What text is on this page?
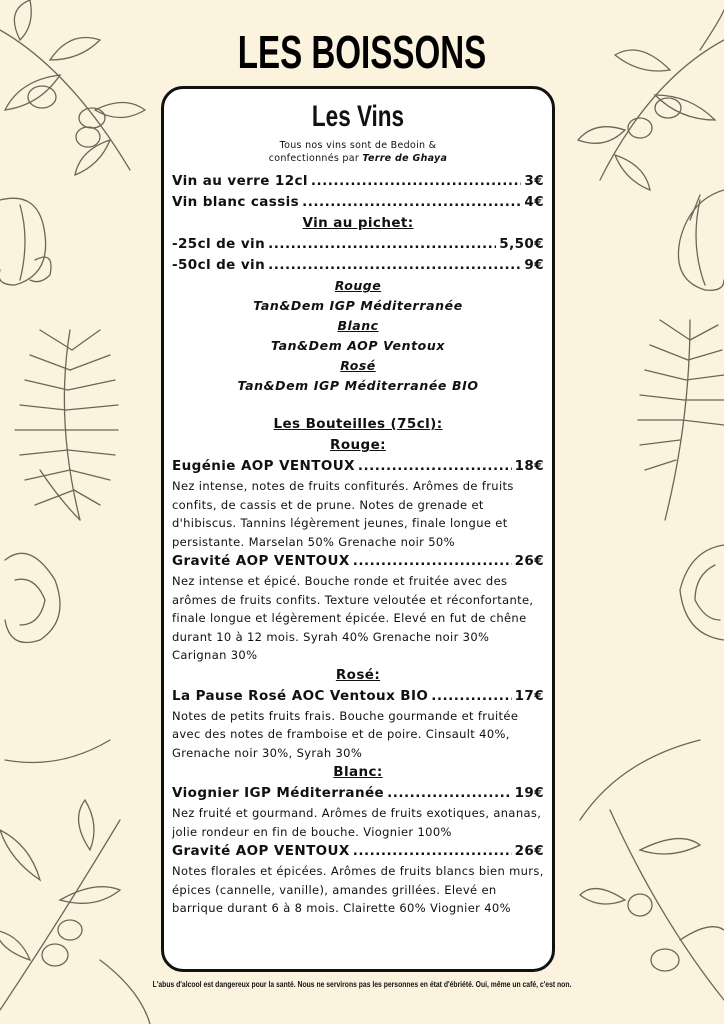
LES BOISSONS
Les Vins
Tous nos vins sont de Bedoin &
confectionnés par Terre de Ghaya
Vin au verre 12cl .....	3€
Vin blanc cassis .....	4€
Vin au pichet:
-25cl de vin .....	5,50€
-50cl de vin .....	9€
Rouge
Tan&Dem IGP Méditerranée
Blanc
Tan&Dem AOP Ventoux
Rosé
Tan&Dem IGP Méditerranée BIO
Les Bouteilles (75cl):
Rouge:
Eugénie AOP VENTOUX .....	18€
Nez intense, notes de fruits confiturés. Arômes de fruits confits, de cassis et de prune. Notes de grenade et d'hibiscus. Tannins légèrement jeunes, finale longue et persistante. Marselan 50% Grenache noir 50%
Gravité AOP VENTOUX .....	26€
Nez intense et épicé. Bouche ronde et fruitée avec des arômes de fruits confits. Texture veloutée et réconfortante, finale longue et légèrement épicée. Elevé en fut de chêne durant 10 à 12 mois. Syrah 40% Grenache noir 30% Carignan 30%
Rosé:
La Pause Rosé AOC Ventoux BIO .....	17€
Notes de petits fruits frais. Bouche gourmande et fruitée avec des notes de framboise et de poire. Cinsault 40%, Grenache noir 30%, Syrah 30%
Blanc:
Viognier IGP Méditerranée .....	19€
Nez fruité et gourmand. Arômes de fruits exotiques, ananas, jolie rondeur en fin de bouche. Viognier 100%
Gravité AOP VENTOUX .....	26€
Notes florales et épicées. Arômes de fruits blancs bien murs, épices (cannelle, vanille), amandes grillées. Elevé en barrique durant 6 à 8 mois. Clairette 60% Viognier 40%
L'abus d'alcool est dangereux pour la santé. Nous ne servirons pas les personnes en état d'ébriété. Oui, même un café, c'est non.
